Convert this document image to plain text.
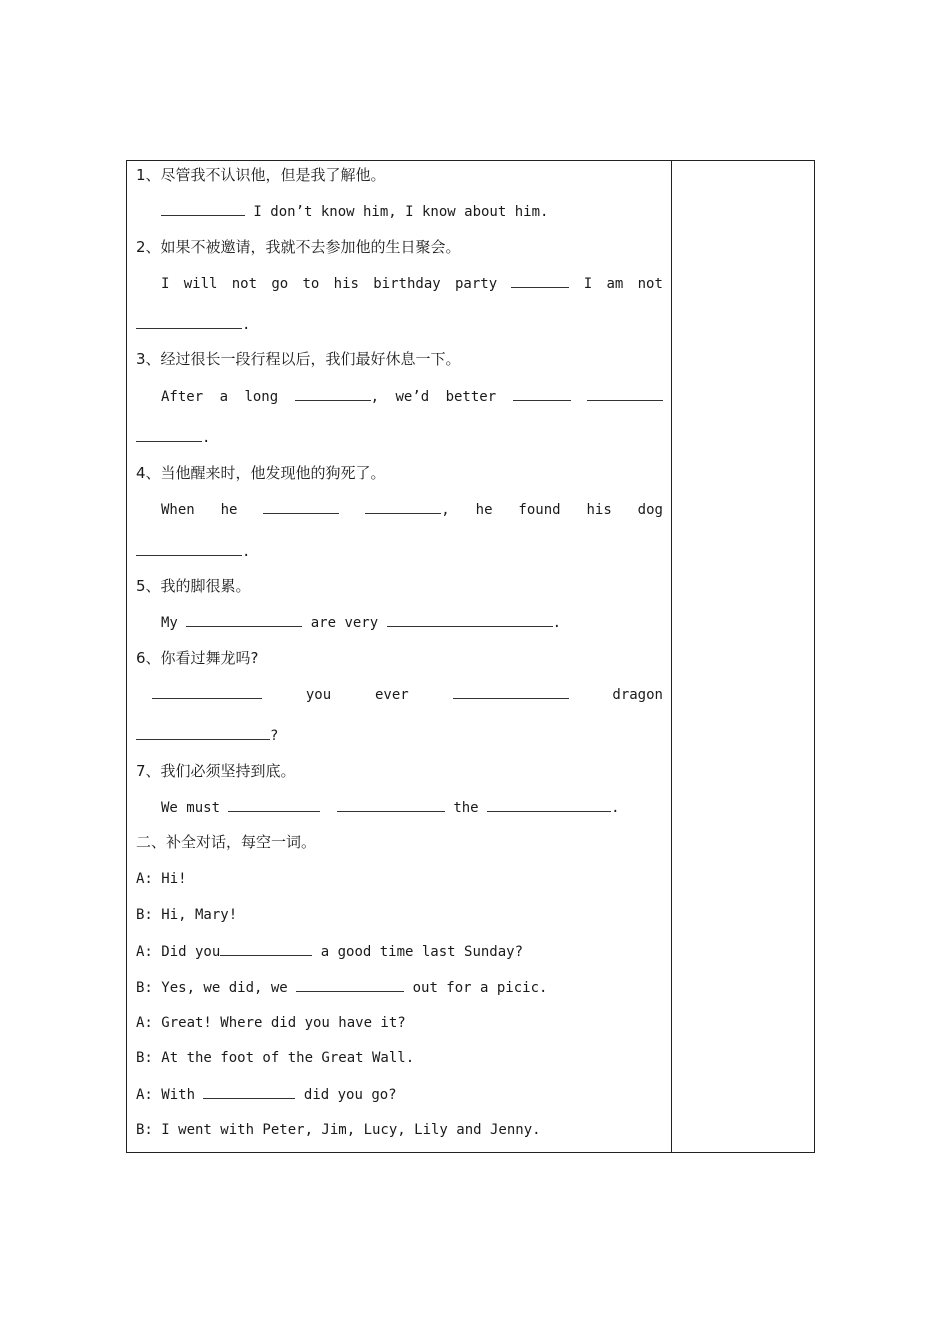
1、尽管我不认识他，但是我了解他。
I don’t know him, I know about him.
2、如果不被邀请，我就不去参加他的生日聚会。
I will not go to his birthday party	I am not
.
3、经过很长一段行程以后，我们最好休息一下。
After a long	, we’d better
.
4、当他醒来时，他发现他的狗死了。
When he	, he found his dog
.
5、我的脚很累。
My	are very	.
6、你看过舞龙吗?
you	ever	dragon
?
7、我们必须坚持到底。
We must	the	.
二、补全对话，每空一词。
A: Hi!
B: Hi, Mary!
A: Did you	a good time last Sunday?
B: Yes, we did, we	out for a picic.
A: Great! Where did you have it?
B: At the foot of the Great Wall.
A: With	did you go?
B: I went with Peter, Jim, Lucy, Lily and Jenny.
